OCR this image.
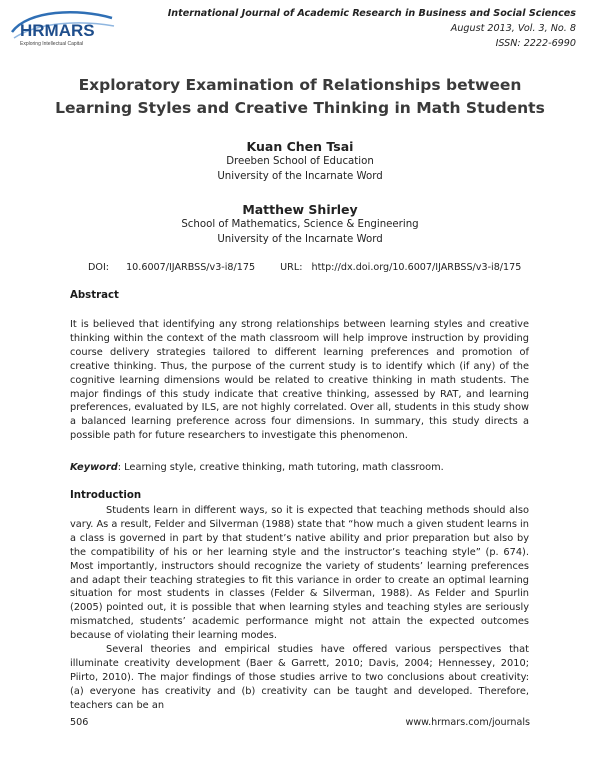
HRMARS
Exploring Intellectual Capital
International Journal of Academic Research in Business and Social Sciences
August 2013, Vol. 3, No. 8
ISSN: 2222-6990
Exploratory Examination of Relationships between
Learning Styles and Creative Thinking in Math Students
Kuan Chen Tsai
Dreeben School of Education
University of the Incarnate Word
Matthew Shirley
School of Mathematics, Science & Engineering
University of the Incarnate Word
DOI: 10.6007/IJARBSS/v3-i8/175	URL: http://dx.doi.org/10.6007/IJARBSS/v3-i8/175
Abstract
It is believed that identifying any strong relationships between learning styles and creative thinking within the context of the math classroom will help improve instruction by providing course delivery strategies tailored to different learning preferences and promotion of creative thinking. Thus, the purpose of the current study is to identify which (if any) of the cognitive learning dimensions would be related to creative thinking in math students. The major findings of this study indicate that creative thinking, assessed by RAT, and learning preferences, evaluated by ILS, are not highly correlated. Over all, students in this study show a balanced learning preference across four dimensions. In summary, this study directs a possible path for future researchers to investigate this phenomenon.
Keyword: Learning style, creative thinking, math tutoring, math classroom.
Introduction
Students learn in different ways, so it is expected that teaching methods should also vary. As a result, Felder and Silverman (1988) state that “how much a given student learns in a class is governed in part by that student’s native ability and prior preparation but also by the compatibility of his or her learning style and the instructor’s teaching style” (p. 674). Most importantly, instructors should recognize the variety of students’ learning preferences and adapt their teaching strategies to fit this variance in order to create an optimal learning situation for most students in classes (Felder & Silverman, 1988). As Felder and Spurlin (2005) pointed out, it is possible that when learning styles and teaching styles are seriously mismatched, students’ academic performance might not attain the expected outcomes because of violating their learning modes.
Several theories and empirical studies have offered various perspectives that illuminate creativity development (Baer & Garrett, 2010; Davis, 2004; Hennessey, 2010; Piirto, 2010). The major findings of those studies arrive to two conclusions about creativity: (a) everyone has creativity and (b) creativity can be taught and developed. Therefore, teachers can be an
506	www.hrmars.com/journals
